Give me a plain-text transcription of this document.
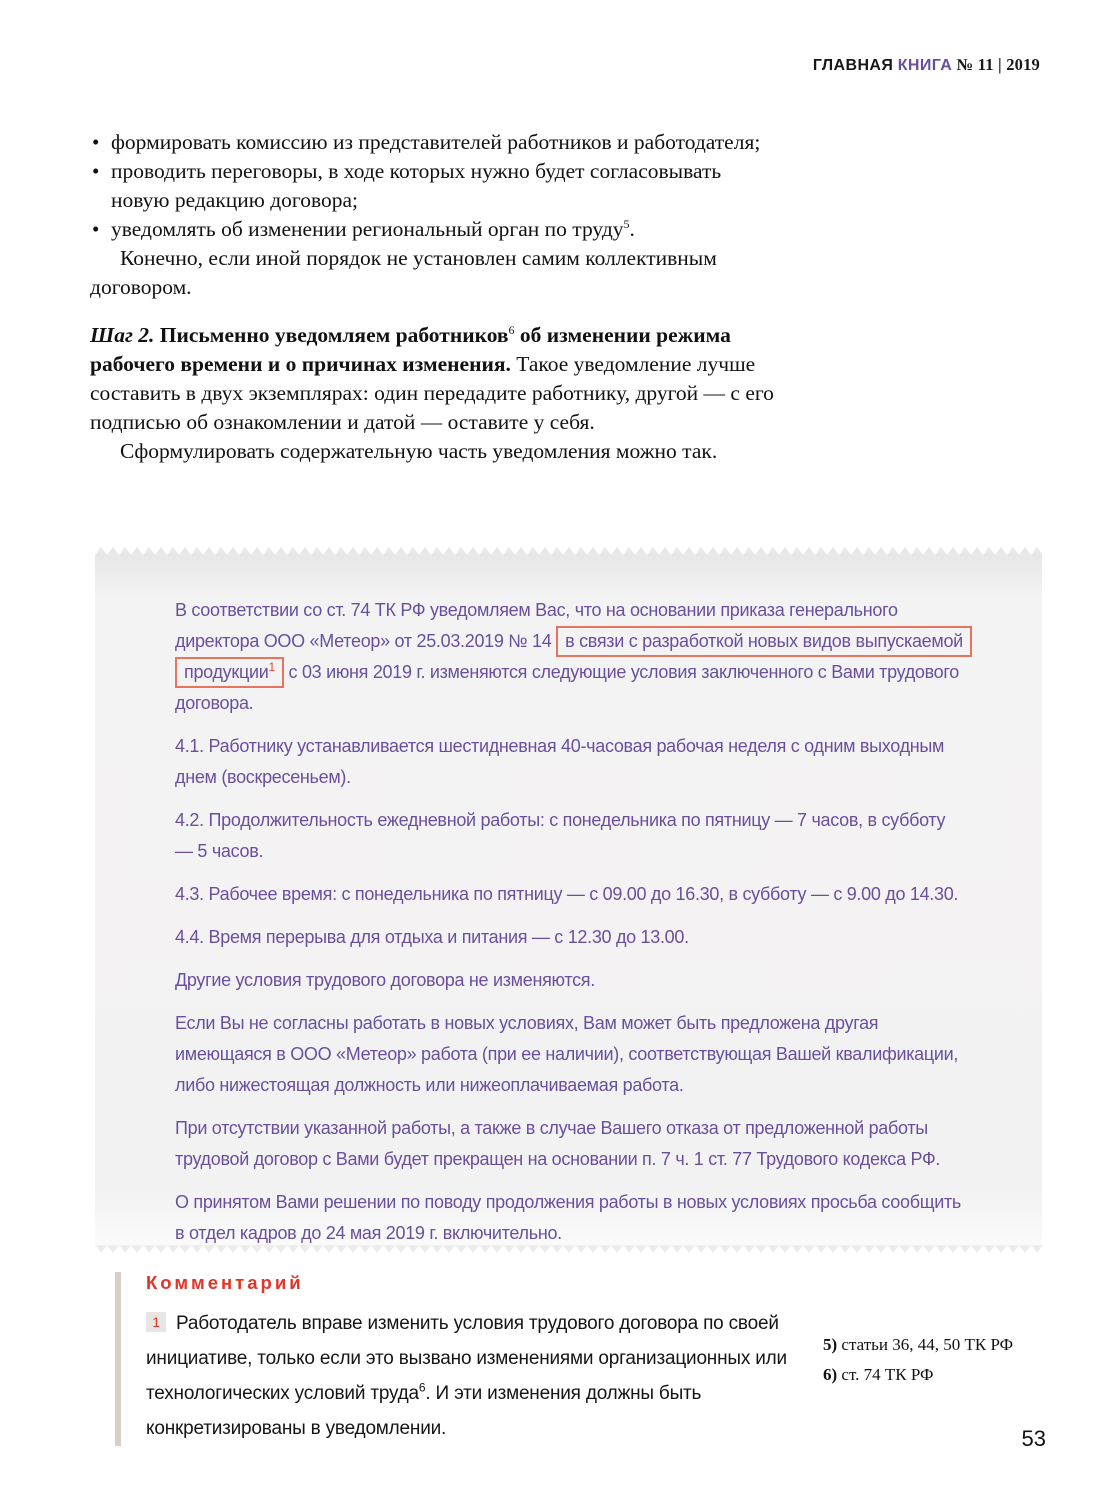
ГЛАВНАЯ КНИГА № 11 | 2019
• формировать комиссию из представителей работников и работодателя;
• проводить переговоры, в ходе которых нужно будет согласовывать новую редакцию договора;
• уведомлять об изменении региональный орган по труду$^5$.

Конечно, если иной порядок не установлен самим коллективным договором.

Шаг 2. Письменно уведомляем работников$^6$ об изменении режима рабочего времени и о причинах изменения. Такое уведомление лучше составить в двух экземплярах: один передадите работнику, другой — с его подписью об ознакомлении и датой — оставите у себя.

Сформулировать содержательную часть уведомления можно так.

В соответствии со ст. 74 ТК РФ уведомляем Вас, что на основании приказа генерального директора ООО «Метеор» от 25.03.2019 № 14 в связи с разработкой новых видов выпускаемой продукции$^1$ с 03 июня 2019 г. изменяются следующие условия заключенного с Вами трудового договора.

4.1. Работнику устанавливается шестидневная 40-часовая рабочая неделя с одним выходным днем (воскресеньем).

4.2. Продолжительность ежедневной работы: с понедельника по пятницу — 7 часов, в субботу — 5 часов.

4.3. Рабочее время: с понедельника по пятницу — с 09.00 до 16.30, в субботу — с 9.00 до 14.30.

4.4. Время перерыва для отдыха и питания — с 12.30 до 13.00.

Другие условия трудового договора не изменяются.

Если Вы не согласны работать в новых условиях, Вам может быть предложена другая имеющаяся в ООО «Метеор» работа (при ее наличии), соответствующая Вашей квалификации, либо нижестоящая должность или нижеоплачиваемая работа.

При отсутствии указанной работы, а также в случае Вашего отказа от предложенной работы трудовой договор с Вами будет прекращен на основании п. 7 ч. 1 ст. 77 Трудового кодекса РФ.

О принятом Вами решении по поводу продолжения работы в новых условиях просьба сообщить в отдел кадров до 24 мая 2019 г. включительно.

Комментарий
1 Работодатель вправе изменить условия трудового договора по своей инициативе, только если это вызвано изменениями организационных или технологических условий труда$^6$. И эти изменения должны быть конкретизированы в уведомлении.
5) статьи 36, 44, 50 ТК РФ
6) ст. 74 ТК РФ
53
